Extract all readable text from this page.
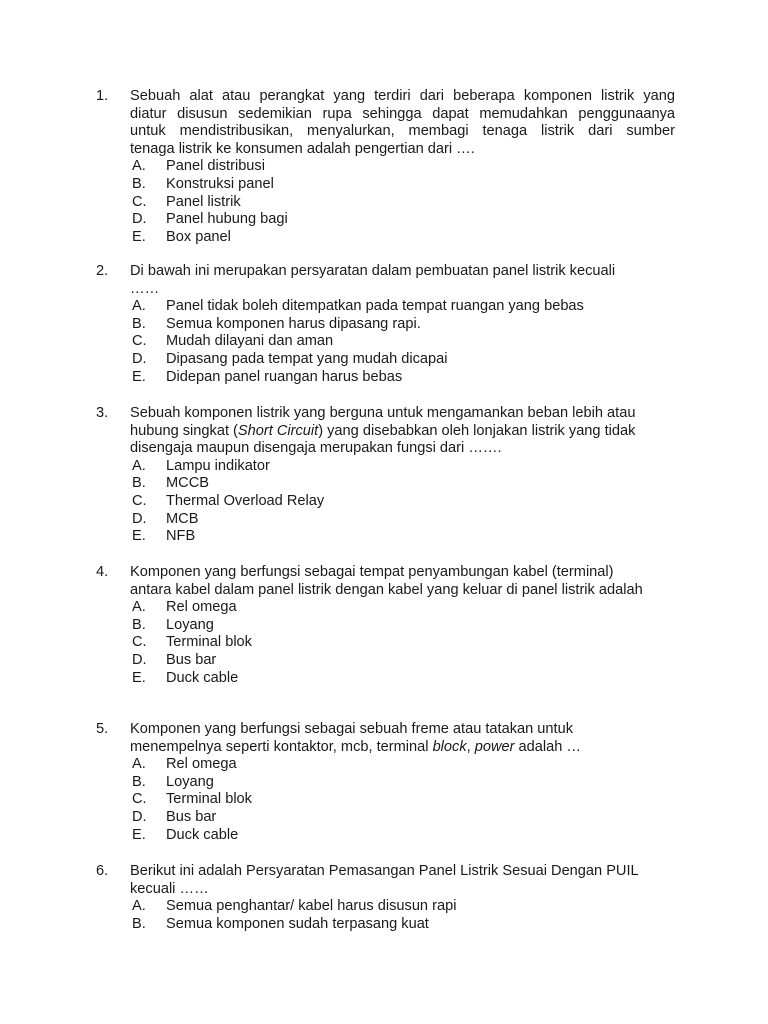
1.	Sebuah alat atau perangkat yang terdiri dari beberapa komponen listrik yang
diatur disusun sedemikian rupa sehingga dapat memudahkan penggunaanya
untuk mendistribusikan, menyalurkan, membagi tenaga listrik dari sumber
tenaga listrik ke konsumen adalah pengertian dari ….
A. Panel distribusi
B. Konstruksi panel
C. Panel listrik
D. Panel hubung bagi
E. Box panel
2.	Di bawah ini merupakan persyaratan dalam pembuatan panel listrik kecuali
……
A. Panel tidak boleh ditempatkan pada tempat ruangan yang bebas
B. Semua komponen harus dipasang rapi.
C. Mudah dilayani dan aman
D. Dipasang pada tempat yang mudah dicapai
E. Didepan panel ruangan harus bebas
3.	Sebuah komponen listrik yang berguna untuk mengamankan beban lebih atau
hubung singkat (Short Circuit) yang disebabkan oleh lonjakan listrik yang tidak
disengaja maupun disengaja merupakan fungsi dari …….
A. Lampu indikator
B. MCCB
C. Thermal Overload Relay
D. MCB
E. NFB
4.	Komponen yang berfungsi sebagai tempat penyambungan kabel (terminal)
antara kabel dalam panel listrik dengan kabel yang keluar di panel listrik adalah
A. Rel omega
B. Loyang
C. Terminal blok
D. Bus bar
E. Duck cable
5.	Komponen yang berfungsi sebagai sebuah freme atau tatakan untuk
menempelnya seperti kontaktor, mcb, terminal block, power adalah …
A. Rel omega
B. Loyang
C. Terminal blok
D. Bus bar
E. Duck cable
6.	Berikut ini adalah Persyaratan Pemasangan Panel Listrik Sesuai Dengan PUIL
kecuali ……
A. Semua penghantar/ kabel harus disusun rapi
B. Semua komponen sudah terpasang kuat
